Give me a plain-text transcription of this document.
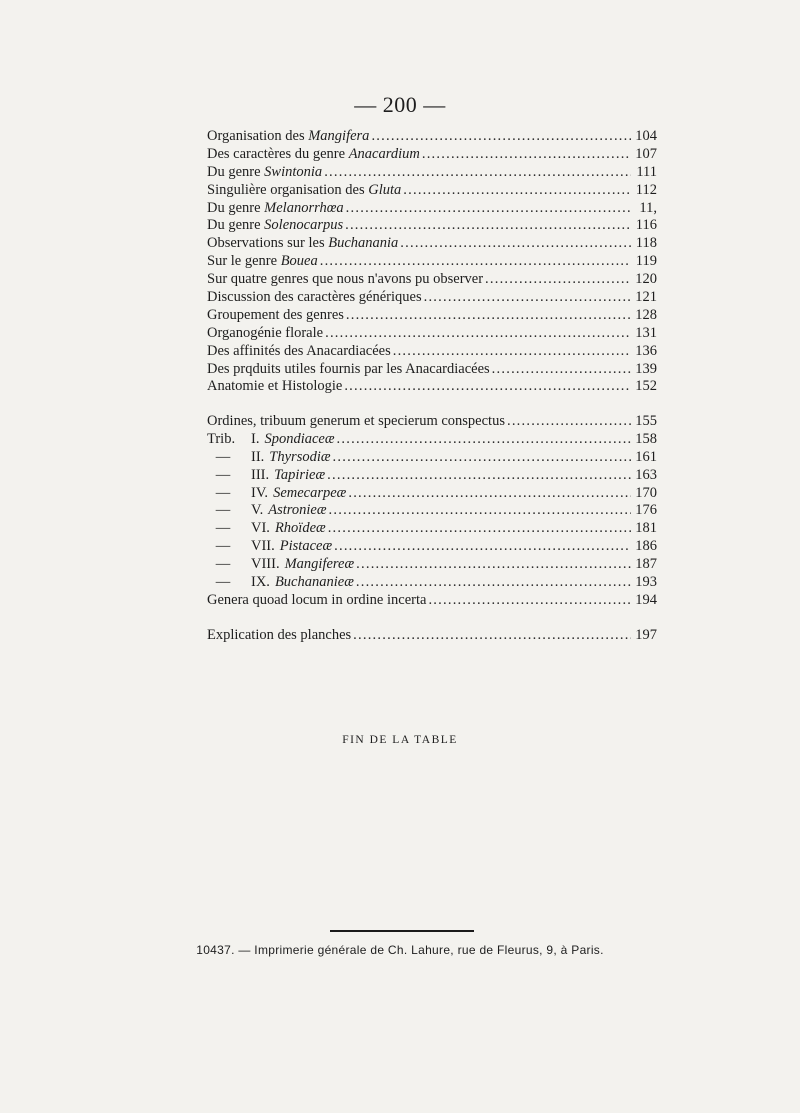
— 200 —
Organisation des Mangifera . . .	104
Des caractères du genre Anacardium . . .	107
Du genre Swintonia . . .	111
Singulière organisation des Gluta . . .	112
Du genre Melanorrhœa . . .	11,
Du genre Solenocarpus . . .	116
Observations sur les Buchanania . . .	118
Sur le genre Bouea . . .	119
Sur quatre genres que nous n'avons pu observer . . .	120
Discussion des caractères génériques . . .	121
Groupement des genres . . .	128
Organogénie florale . . .	131
Des affinités des Anacardiacées . . .	136
Des prqduits utiles fournis par les Anacardiacées . . .	139
Anatomie et Histologie . . .	152
Ordines, tribuum generum et specierum conspectus . . .	155
Trib. I. Spondiaceæ . . .	158
— II. Thyrsodiæ . . .	161
— III. Tapirieæ . . .	163
— IV. Semecarpeæ . . .	170
— V. Astronieæ . . .	176
— VI. Rhoïdeæ . . .	181
— VII. Pistaceæ . . .	186
— VIII. Mangifereæ . . .	187
— IX. Buchananieæ . . .	193
Genera quoad locum in ordine incerta . . .	194
Explication des planches . . .	197
FIN DE LA TABLE
10437. — Imprimerie générale de Ch. Lahure, rue de Fleurus, 9, à Paris.
